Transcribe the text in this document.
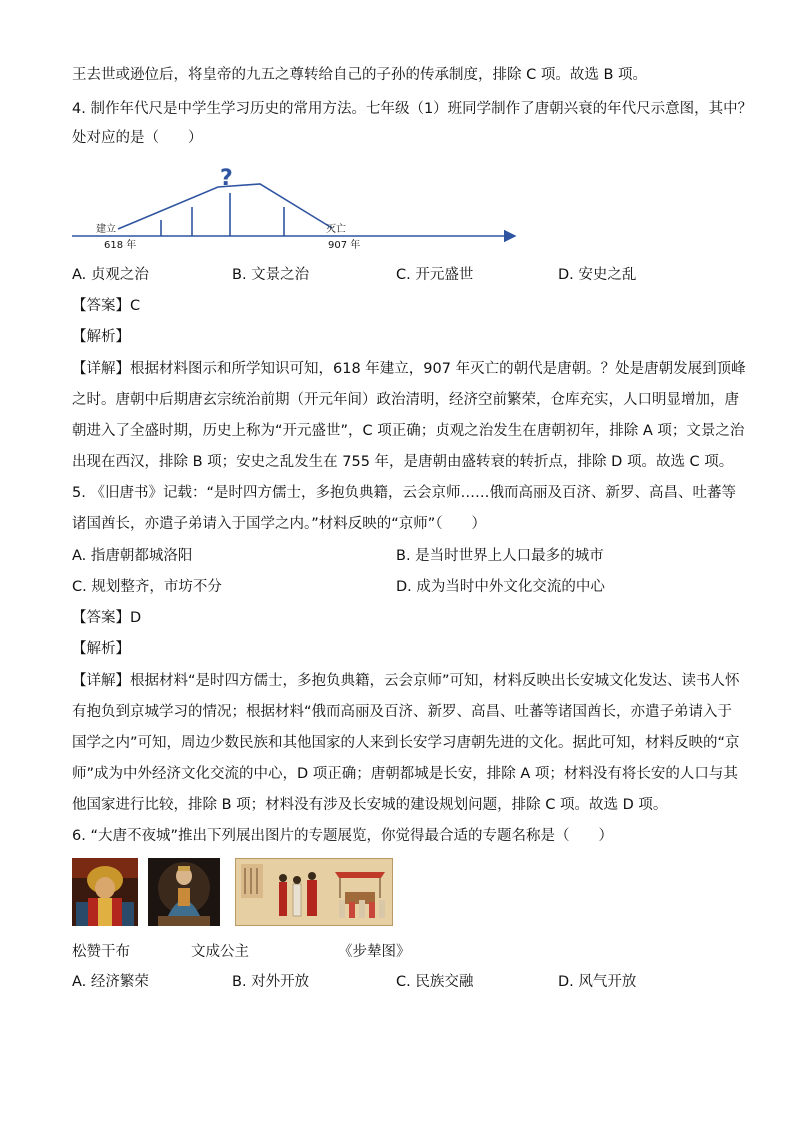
王去世或逊位后，将皇帝的九五之尊转给自己的子孙的传承制度，排除 C 项。故选 B 项。
4. 制作年代尺是中学生学习历史的常用方法。七年级（1）班同学制作了唐朝兴衰的年代尺示意图，其中？
处对应的是（　　）
?
建立
618 年
灭亡
907 年
A. 贞观之治	B. 文景之治	C. 开元盛世	D. 安史之乱
【答案】C
【解析】
【详解】根据材料图示和所学知识可知，618 年建立，907 年灭亡的朝代是唐朝。？处是唐朝发展到顶峰
之时。唐朝中后期唐玄宗统治前期（开元年间）政治清明，经济空前繁荣，仓库充实，人口明显增加，唐
朝进入了全盛时期，历史上称为“开元盛世”，C 项正确；贞观之治发生在唐朝初年，排除 A 项；文景之治
出现在西汉，排除 B 项；安史之乱发生在 755 年，是唐朝由盛转衰的转折点，排除 D 项。故选 C 项。
5. 《旧唐书》记载：“是时四方儒士，多抱负典籍，云会京师……俄而高丽及百济、新罗、高昌、吐蕃等
诸国酋长，亦遣子弟请入于国学之内。”材料反映的“京师”（　　）
A. 指唐朝都城洛阳	B. 是当时世界上人口最多的城市
C. 规划整齐，市坊不分	D. 成为当时中外文化交流的中心
【答案】D
【解析】
【详解】根据材料“是时四方儒士，多抱负典籍，云会京师”可知，材料反映出长安城文化发达、读书人怀
有抱负到京城学习的情况；根据材料“俄而高丽及百济、新罗、高昌、吐蕃等诸国酋长，亦遣子弟请入于
国学之内”可知，周边少数民族和其他国家的人来到长安学习唐朝先进的文化。据此可知，材料反映的“京
师”成为中外经济文化交流的中心，D 项正确；唐朝都城是长安，排除 A 项；材料没有将长安的人口与其
他国家进行比较，排除 B 项；材料没有涉及长安城的建设规划问题，排除 C 项。故选 D 项。
6. “大唐不夜城”推出下列展出图片的专题展览，你觉得最合适的专题名称是（　　）
松赞干布	文成公主	《步辇图》
A. 经济繁荣	B. 对外开放	C. 民族交融	D. 风气开放
